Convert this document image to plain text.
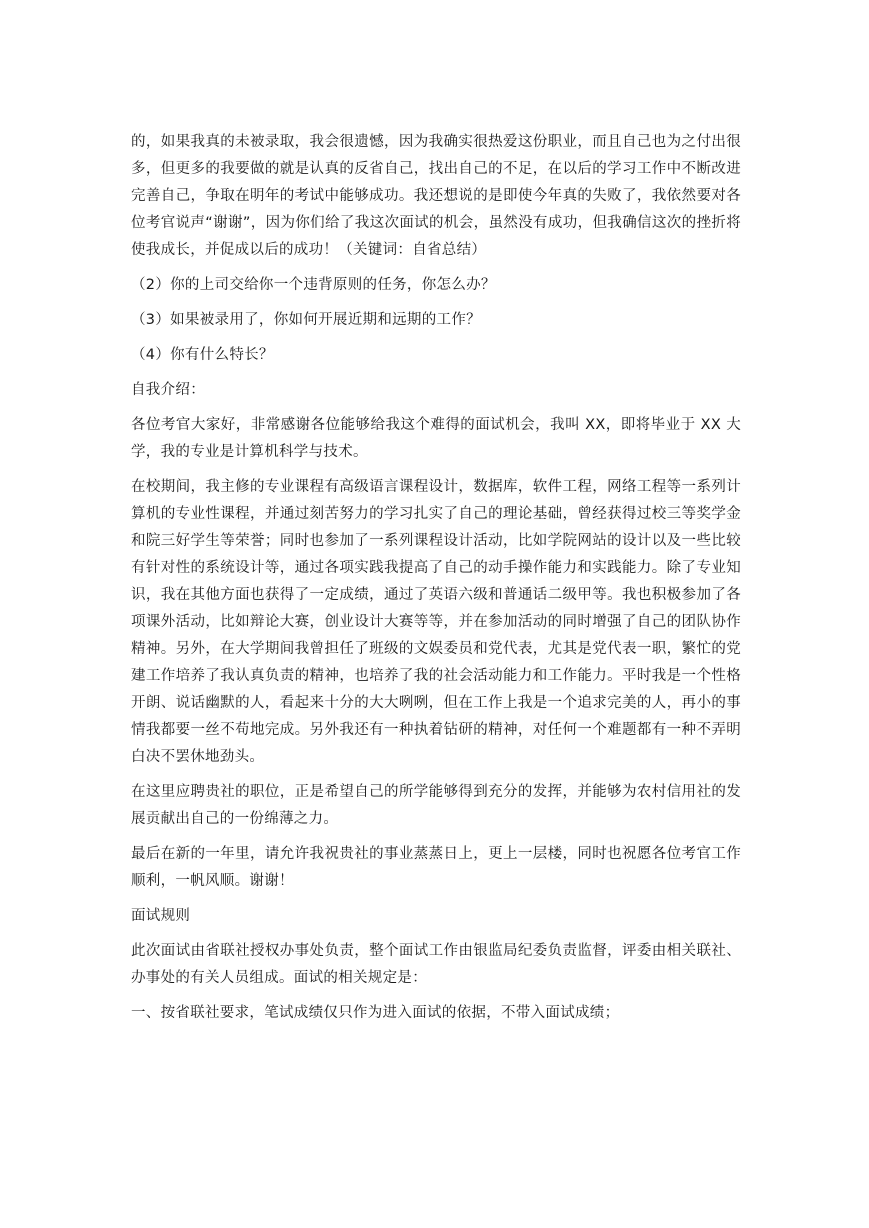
的，如果我真的未被录取，我会很遗憾，因为我确实很热爱这份职业，而且自己也为之付出很多，但更多的我要做的就是认真的反省自己，找出自己的不足，在以后的学习工作中不断改进完善自己，争取在明年的考试中能够成功。我还想说的是即使今年真的失败了，我依然要对各位考官说声“谢谢”，因为你们给了我这次面试的机会，虽然没有成功，但我确信这次的挫折将使我成长，并促成以后的成功！（关键词：自省总结）

（2）你的上司交给你一个违背原则的任务，你怎么办？

（3）如果被录用了，你如何开展近期和远期的工作？

（4）你有什么特长？

自我介绍：

各位考官大家好，非常感谢各位能够给我这个难得的面试机会，我叫 XX，即将毕业于 XX 大学，我的专业是计算机科学与技术。

在校期间，我主修的专业课程有高级语言课程设计，数据库，软件工程，网络工程等一系列计算机的专业性课程，并通过刻苦努力的学习扎实了自己的理论基础，曾经获得过校三等奖学金和院三好学生等荣誉；同时也参加了一系列课程设计活动，比如学院网站的设计以及一些比较有针对性的系统设计等，通过各项实践我提高了自己的动手操作能力和实践能力。除了专业知识，我在其他方面也获得了一定成绩，通过了英语六级和普通话二级甲等。我也积极参加了各项课外活动，比如辩论大赛，创业设计大赛等等，并在参加活动的同时增强了自己的团队协作精神。另外，在大学期间我曾担任了班级的文娱委员和党代表，尤其是党代表一职，繁忙的党建工作培养了我认真负责的精神，也培养了我的社会活动能力和工作能力。平时我是一个性格开朗、说话幽默的人，看起来十分的大大咧咧，但在工作上我是一个追求完美的人，再小的事情我都要一丝不苟地完成。另外我还有一种执着钻研的精神，对任何一个难题都有一种不弄明白决不罢休地劲头。

在这里应聘贵社的职位，正是希望自己的所学能够得到充分的发挥，并能够为农村信用社的发展贡献出自己的一份绵薄之力。

最后在新的一年里，请允许我祝贵社的事业蒸蒸日上，更上一层楼，同时也祝愿各位考官工作顺利，一帆风顺。谢谢！

面试规则

此次面试由省联社授权办事处负责，整个面试工作由银监局纪委负责监督，评委由相关联社、办事处的有关人员组成。面试的相关规定是：

一、按省联社要求，笔试成绩仅只作为进入面试的依据，不带入面试成绩；
